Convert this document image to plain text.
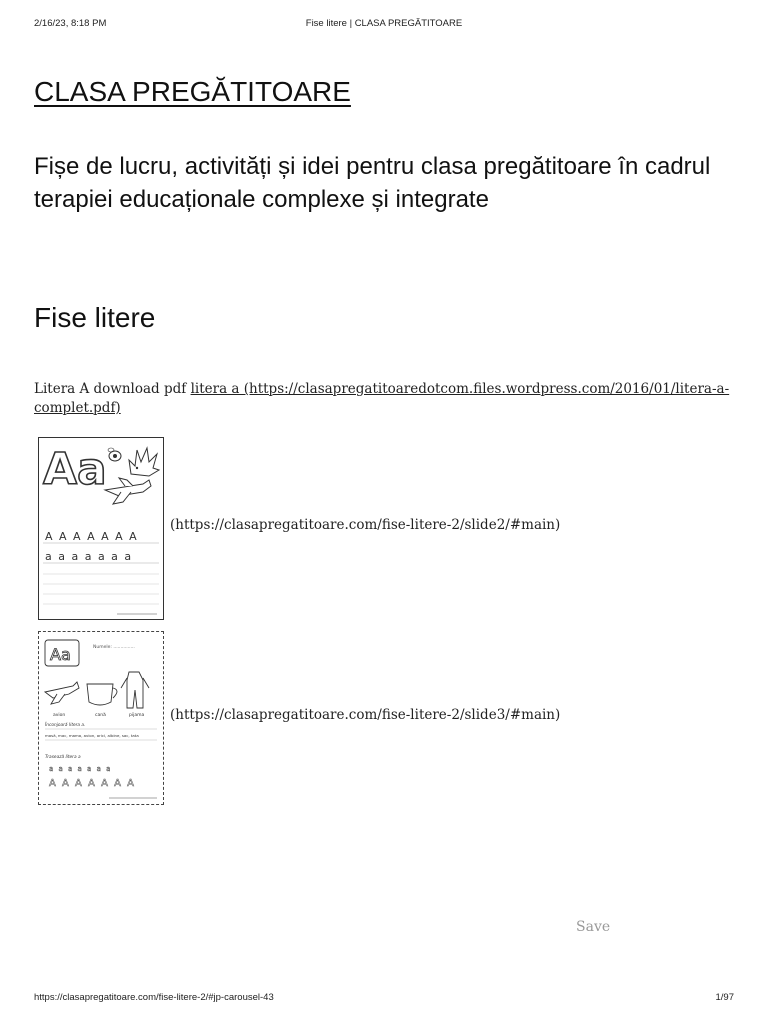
2/16/23, 8:18 PM	Fise litere | CLASA PREGĂTITOARE
CLASA PREGĂTITOARE

Fișe de lucru, activități și idei pentru clasa pregătitoare în cadrul terapiei educaționale complexe și integrate

Fise litere

Litera A download pdf litera a (https://clasapregatitoaredotcom.files.wordpress.com/2016/01/litera-a-complet.pdf)

Aa
A A A A A A A
a a a a a a a
(https://clasapregatitoare.com/fise-litere-2/slide2/#main)
Aa	Numele: ...............
avion	cană	pijama
Înconjoară litera a.
masă, mac, mama, avion, arici, albine, sac, tata
Trasează litera a
a a a a a a a
A A A A A A A
(https://clasapregatitoare.com/fise-litere-2/slide3/#main)
Save
https://clasapregatitoare.com/fise-litere-2/#jp-carousel-43	1/97
